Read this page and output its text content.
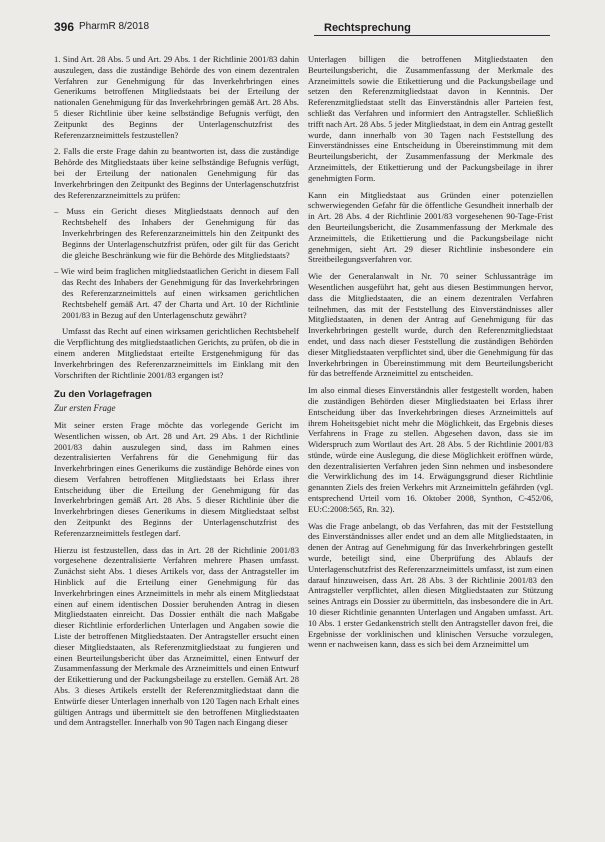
396 PharmR 8/2018	Rechtsprechung

1. Sind Art. 28 Abs. 5 und Art. 29 Abs. 1 der Richtlinie 2001/83 dahin auszulegen, dass die zuständige Behörde des von einem dezentralen Verfahren zur Genehmigung für das Inverkehrbringen eines Generikums betroffenen Mitgliedstaats bei der Erteilung der nationalen Genehmigung für das Inverkehrbringen gemäß Art. 28 Abs. 5 dieser Richtlinie über keine selbständige Befugnis verfügt, den Zeitpunkt des Beginns der Unterlagenschutzfrist des Referenzarzneimittels festzustellen?

2. Falls die erste Frage dahin zu beantworten ist, dass die zuständige Behörde des Mitgliedstaats über keine selbständige Befugnis verfügt, bei der Erteilung der nationalen Genehmigung für das Inverkehrbringen den Zeitpunkt des Beginns der Unterlagenschutzfrist des Referenzarzneimittels zu prüfen:

– Muss ein Gericht dieses Mitgliedstaats dennoch auf den Rechtsbehelf des Inhabers der Genehmigung für das Inverkehrbringen des Referenzarzneimittels hin den Zeitpunkt des Beginns der Unterlagenschutzfrist prüfen, oder gilt für das Gericht die gleiche Beschränkung wie für die Behörde des Mitgliedstaats?

– Wie wird beim fraglichen mitgliedstaatlichen Gericht in diesem Fall das Recht des Inhabers der Genehmigung für das Inverkehrbringen des Referenzarzneimittels auf einen wirksamen gerichtlichen Rechtsbehelf gemäß Art. 47 der Charta und Art. 10 der Richtlinie 2001/83 in Bezug auf den Unterlagenschutz gewährt?

Umfasst das Recht auf einen wirksamen gerichtlichen Rechtsbehelf die Verpflichtung des mitgliedstaatlichen Gerichts, zu prüfen, ob die in einem anderen Mitgliedstaat erteilte Erstgenehmigung für das Inverkehrbringen des Referenzarzneimittels im Einklang mit den Vorschriften der Richtlinie 2001/83 ergangen ist?

Zu den Vorlagefragen
Zur ersten Frage

Mit seiner ersten Frage möchte das vorlegende Gericht im Wesentlichen wissen, ob Art. 28 und Art. 29 Abs. 1 der Richtlinie 2001/83 dahin auszulegen sind, dass im Rahmen eines dezentralisierten Verfahrens für die Genehmigung für das Inverkehrbringen eines Generikums die zuständige Behörde eines von diesem Verfahren betroffenen Mitgliedstaats bei Erlass ihrer Entscheidung über die Erteilung der Genehmigung für das Inverkehrbringen gemäß Art. 28 Abs. 5 dieser Richtlinie über die Inverkehrbringen dieses Generikums in diesem Mitgliedstaat selbst den Zeitpunkt des Beginns der Unterlagenschutzfrist des Referenzarzneimittels festlegen darf.

Hierzu ist festzustellen, dass das in Art. 28 der Richtlinie 2001/83 vorgesehene dezentralisierte Verfahren mehrere Phasen umfasst. Zunächst sieht Abs. 1 dieses Artikels vor, dass der Antragsteller im Hinblick auf die Erteilung einer Genehmigung für das Inverkehrbringen eines Arzneimittels in mehr als einem Mitgliedstaat einen auf einem identischen Dossier beruhenden Antrag in diesen Mitgliedstaaten einreicht. Das Dossier enthält die nach Maßgabe dieser Richtlinie erforderlichen Unterlagen und Angaben sowie die Liste der betroffenen Mitgliedstaaten. Der Antragsteller ersucht einen dieser Mitgliedstaaten, als Referenzmitgliedstaat zu fungieren und einen Beurteilungsbericht über das Arzneimittel, einen Entwurf der Zusammenfassung der Merkmale des Arzneimittels und einen Entwurf der Etikettierung und der Packungsbeilage zu erstellen. Gemäß Art. 28 Abs. 3 dieses Artikels erstellt der Referenzmitgliedstaat dann die Entwürfe dieser Unterlagen innerhalb von 120 Tagen nach Erhalt eines gültigen Antrags und übermittelt sie den betroffenen Mitgliedstaaten und dem Antragsteller. Innerhalb von 90 Tagen nach Eingang dieser

Unterlagen billigen die betroffenen Mitgliedstaaten den Beurteilungsbericht, die Zusammenfassung der Merkmale des Arzneimittels sowie die Etikettierung und die Packungsbeilage und setzen den Referenzmitgliedstaat davon in Kenntnis. Der Referenzmitgliedstaat stellt das Einverständnis aller Parteien fest, schließt das Verfahren und informiert den Antragsteller. Schließlich trifft nach Art. 28 Abs. 5 jeder Mitgliedstaat, in dem ein Antrag gestellt wurde, dann innerhalb von 30 Tagen nach Feststellung des Einverständnisses eine Entscheidung in Übereinstimmung mit dem Beurteilungsbericht, der Zusammenfassung der Merkmale des Arzneimittels, der Etikettierung und der Packungsbeilage in ihrer genehmigten Form.

Kann ein Mitgliedstaat aus Gründen einer potenziellen schwerwiegenden Gefahr für die öffentliche Gesundheit innerhalb der in Art. 28 Abs. 4 der Richtlinie 2001/83 vorgesehenen 90-Tage-Frist den Beurteilungsbericht, die Zusammenfassung der Merkmale des Arzneimittels, die Etikettierung und die Packungsbeilage nicht genehmigen, sieht Art. 29 dieser Richtlinie insbesondere ein Streitbeilegungsverfahren vor.

Wie der Generalanwalt in Nr. 70 seiner Schlussanträge im Wesentlichen ausgeführt hat, geht aus diesen Bestimmungen hervor, dass die Mitgliedstaaten, die an einem dezentralen Verfahren teilnehmen, das mit der Feststellung des Einverständnisses aller Mitgliedstaaten, in denen der Antrag auf Genehmigung für das Inverkehrbringen gestellt wurde, durch den Referenzmitgliedstaat endet, und dass nach dieser Feststellung die zuständigen Behörden dieser Mitgliedstaaten verpflichtet sind, über die Genehmigung für das Inverkehrbringen in Übereinstimmung mit dem Beurteilungsbericht für das betreffende Arzneimittel zu entscheiden.

Im also einmal dieses Einverständnis aller festgestellt worden, haben die zuständigen Behörden dieser Mitgliedstaaten bei Erlass ihrer Entscheidung über das Inverkehrbringen dieses Arzneimittels auf ihrem Hoheitsgebiet nicht mehr die Möglichkeit, das Ergebnis dieses Verfahrens in Frage zu stellen. Abgesehen davon, dass sie im Widerspruch zum Wortlaut des Art. 28 Abs. 5 der Richtlinie 2001/83 stünde, würde eine Auslegung, die diese Möglichkeit eröffnen würde, den dezentralisierten Verfahren jeden Sinn nehmen und insbesondere die Verwirklichung des im 14. Erwägungsgrund dieser Richtlinie genannten Ziels des freien Verkehrs mit Arzneimitteln gefährden (vgl. entsprechend Urteil vom 16. Oktober 2008, Synthon, C-452/06, EU:C:2008:565, Rn. 32).

Was die Frage anbelangt, ob das Verfahren, das mit der Feststellung des Einverständnisses aller endet und an dem alle Mitgliedstaaten, in denen der Antrag auf Genehmigung für das Inverkehrbringen gestellt wurde, beteiligt sind, eine Überprüfung des Ablaufs der Unterlagenschutzfrist des Referenzarzneimittels umfasst, ist zum einen darauf hinzuweisen, dass Art. 28 Abs. 3 der Richtlinie 2001/83 den Antragsteller verpflichtet, allen diesen Mitgliedstaaten zur Stützung seines Antrags ein Dossier zu übermitteln, das insbesondere die in Art. 10 dieser Richtlinie genannten Unterlagen und Angaben umfasst. Art. 10 Abs. 1 erster Gedankenstrich stellt den Antragsteller davon frei, die Ergebnisse der vorklinischen und klinischen Versuche vorzulegen, wenn er nachweisen kann, dass es sich bei dem Arzneimittel um
